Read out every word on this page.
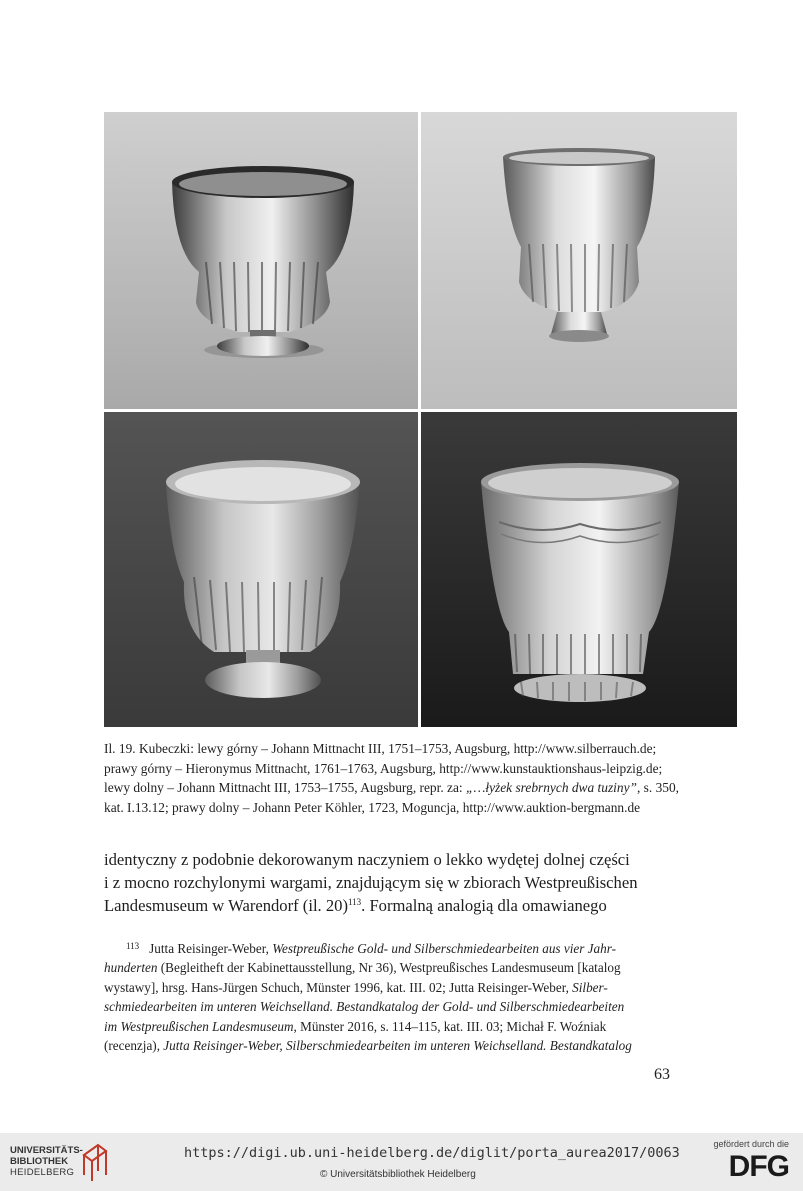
Il. 19. Kubeczki: lewy górny – Johann Mittnacht III, 1751–1753, Augsburg, http://www.silberrauch.de;

prawy górny – Hieronymus Mittnacht, 1761–1763, Augsburg, http://www.kunstauktionshaus-leipzig.de;

lewy dolny – Johann Mittnacht III, 1753–1755, Augsburg, repr. za: „…łyżek srebrnych dwa tuziny”, s. 350,

kat. I.13.12; prawy dolny – Johann Peter Köhler, 1723, Moguncja, http://www.auktion-bergmann.de

identyczny z podobnie dekorowanym naczyniem o lekko wydętej dolnej części

i z mocno rozchylonymi wargami, znajdującym się w zbiorach Westpreußischen

Landesmuseum w Warendorf (il. 20)$^{113}$. Formalną analogią dla omawianego

$^{113}$ Jutta Reisinger-Weber, Westpreußische Gold- und Silberschmiedearbeiten aus vier Jahr-

hunderten (Begleitheft der Kabinettausstellung, Nr 36), Westpreußisches Landesmuseum [katalog

wystawy], hrsg. Hans-Jürgen Schuch, Münster 1996, kat. III. 02; Jutta Reisinger-Weber, Silber-

schmiedearbeiten im unteren Weichselland. Bestandkatalog der Gold- und Silberschmiedearbeiten

im Westpreußischen Landesmuseum, Münster 2016, s. 114–115, kat. III. 03; Michał F. Woźniak

(recenzja), Jutta Reisinger-Weber, Silberschmiedearbeiten im unteren Weichselland. Bestandkatalog

63
UNIVERSITÄTS-
BIBLIOTHEK
HEIDELBERG
https://digi.ub.uni-heidelberg.de/diglit/porta_aurea2017/0063
© Universitätsbibliothek Heidelberg
gefördert durch die
DFG
